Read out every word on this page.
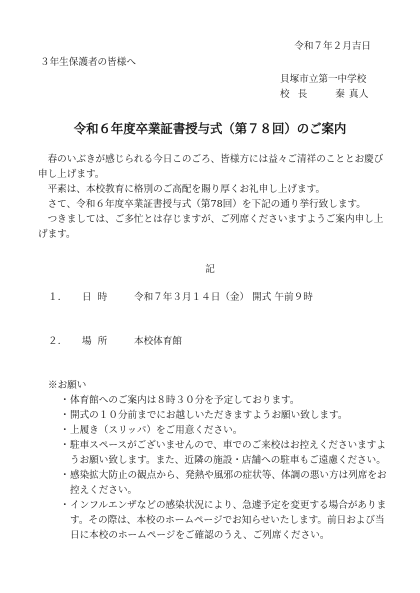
令和７年２月吉日
３年生保護者の皆様へ
貝塚市立第一中学校
校長 秦 真人
令和６年度卒業証書授与式（第７８回）のご案内

春のいぶきが感じられる今日このごろ、皆様方には益々ご清祥のこととお慶び申し上げます。

平素は、本校教育に格別のご高配を賜り厚くお礼申し上げます。

さて、令和６年度卒業証書授与式（第78回）を下記の通り挙行致します。

つきましては、ご多忙とは存じますが、ご列席くださいますようご案内申し上げます。

記
１. 日時 令和７年３月１４日（金） 開式 午前９時
２. 場所 本校体育館
※お願い
・ 体育館へのご案内は８時３０分を予定しております。
・ 開式の１０分前までにお越しいただきますようお願い致します。
・ 上履き（スリッパ）をご用意ください。
・ 駐車スペースがございませんので、車でのご来校はお控えくださいますようお願い致します。また、近隣の施設・店舗への駐車もご遠慮ください。
・ 感染拡大防止の観点から、発熱や風邪の症状等、体調の悪い方は列席をお控えください。
・ インフルエンザなどの感染状況により、急遽予定を変更する場合があります。その際は、本校のホームページでお知らせいたします。前日および当日に本校のホームページをご確認のうえ、ご列席ください。
